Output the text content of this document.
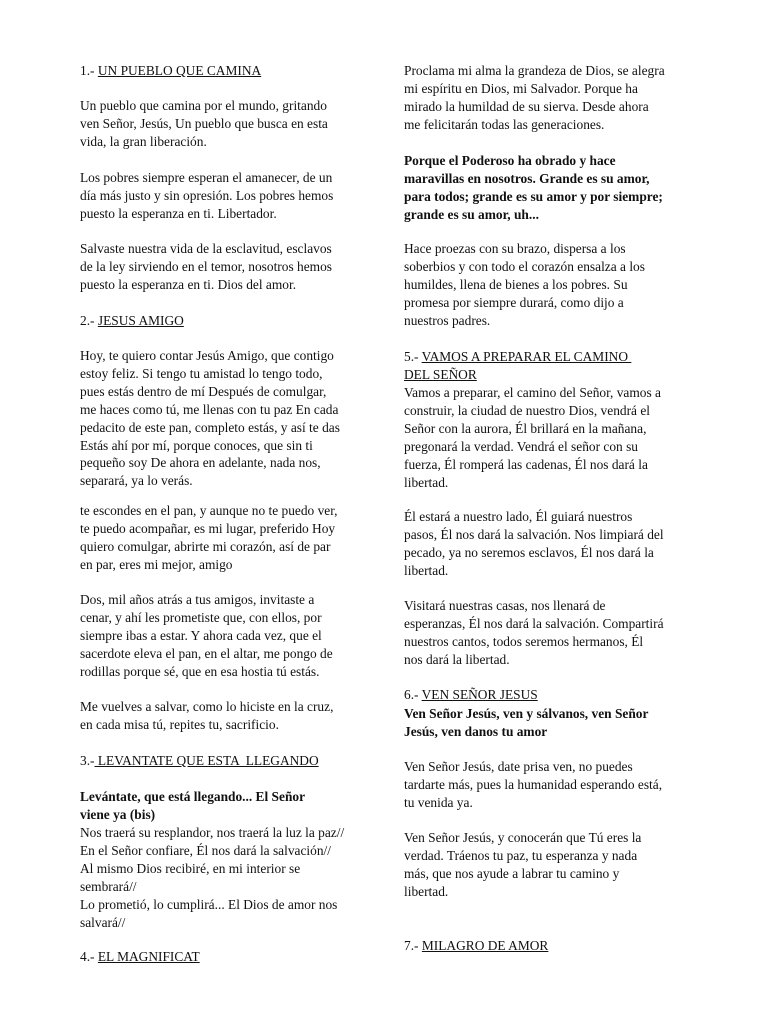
1.- UN PUEBLO QUE CAMINA
Un pueblo que camina por el mundo, gritando
ven Señor, Jesús, Un pueblo que busca en esta
vida, la gran liberación.
Los pobres siempre esperan el amanecer, de un
día más justo y sin opresión. Los pobres hemos
puesto la esperanza en ti. Libertador.
Salvaste nuestra vida de la esclavitud, esclavos
de la ley sirviendo en el temor, nosotros hemos
puesto la esperanza en ti. Dios del amor.
2.- JESUS AMIGO
Hoy, te quiero contar Jesús Amigo, que contigo
estoy feliz. Si tengo tu amistad lo tengo todo,
pues estás dentro de mí Después de comulgar,
me haces como tú, me llenas con tu paz En cada
pedacito de este pan, completo estás, y así te das
Estás ahí por mí, porque conoces, que sin ti
pequeño soy De ahora en adelante, nada nos,
separará, ya lo verás.
te escondes en el pan, y aunque no te puedo ver,
te puedo acompañar, es mi lugar, preferido Hoy
quiero comulgar, abrirte mi corazón, así de par
en par, eres mi mejor, amigo
Dos, mil años atrás a tus amigos, invitaste a
cenar, y ahí les prometiste que, con ellos, por
siempre ibas a estar. Y ahora cada vez, que el
sacerdote eleva el pan, en el altar, me pongo de
rodillas porque sé, que en esa hostia tú estás.
Me vuelves a salvar, como lo hiciste en la cruz,
en cada misa tú, repites tu, sacrificio.
3.- LEVANTATE QUE ESTA  LLEGANDO
Levántate, que está llegando... El Señor
viene ya (bis)
Nos traerá su resplandor, nos traerá la luz la paz//
En el Señor confiare, Él nos dará la salvación//
Al mismo Dios recibiré, en mi interior se
sembrará//
Lo prometió, lo cumplirá... El Dios de amor nos
salvará//
4.- EL MAGNIFICAT
Proclama mi alma la grandeza de Dios, se alegra
mi espíritu en Dios, mi Salvador. Porque ha
mirado la humildad de su sierva. Desde ahora
me felicitarán todas las generaciones.
Porque el Poderoso ha obrado y hace
maravillas en nosotros. Grande es su amor,
para todos; grande es su amor y por siempre;
grande es su amor, uh...
Hace proezas con su brazo, dispersa a los
soberbios y con todo el corazón ensalza a los
humildes, llena de bienes a los pobres. Su
promesa por siempre durará, como dijo a
nuestros padres.
5.- VAMOS A PREPARAR EL CAMINO
DEL SEÑOR
Vamos a preparar, el camino del Señor, vamos a
construir, la ciudad de nuestro Dios, vendrá el
Señor con la aurora, Él brillará en la mañana,
pregonará la verdad. Vendrá el señor con su
fuerza, Él romperá las cadenas, Él nos dará la
libertad.
Él estará a nuestro lado, Él guiará nuestros
pasos, Él nos dará la salvación. Nos limpiará del
pecado, ya no seremos esclavos, Él nos dará la
libertad.
Visitará nuestras casas, nos llenará de
esperanzas, Él nos dará la salvación. Compartirá
nuestros cantos, todos seremos hermanos, Él
nos dará la libertad.
6.- VEN SEÑOR JESUS
Ven Señor Jesús, ven y sálvanos, ven Señor
Jesús, ven danos tu amor
Ven Señor Jesús, date prisa ven, no puedes
tardarte más, pues la humanidad esperando está,
tu venida ya.
Ven Señor Jesús, y conocerán que Tú eres la
verdad. Tráenos tu paz, tu esperanza y nada
más, que nos ayude a labrar tu camino y
libertad.
7.- MILAGRO DE AMOR
